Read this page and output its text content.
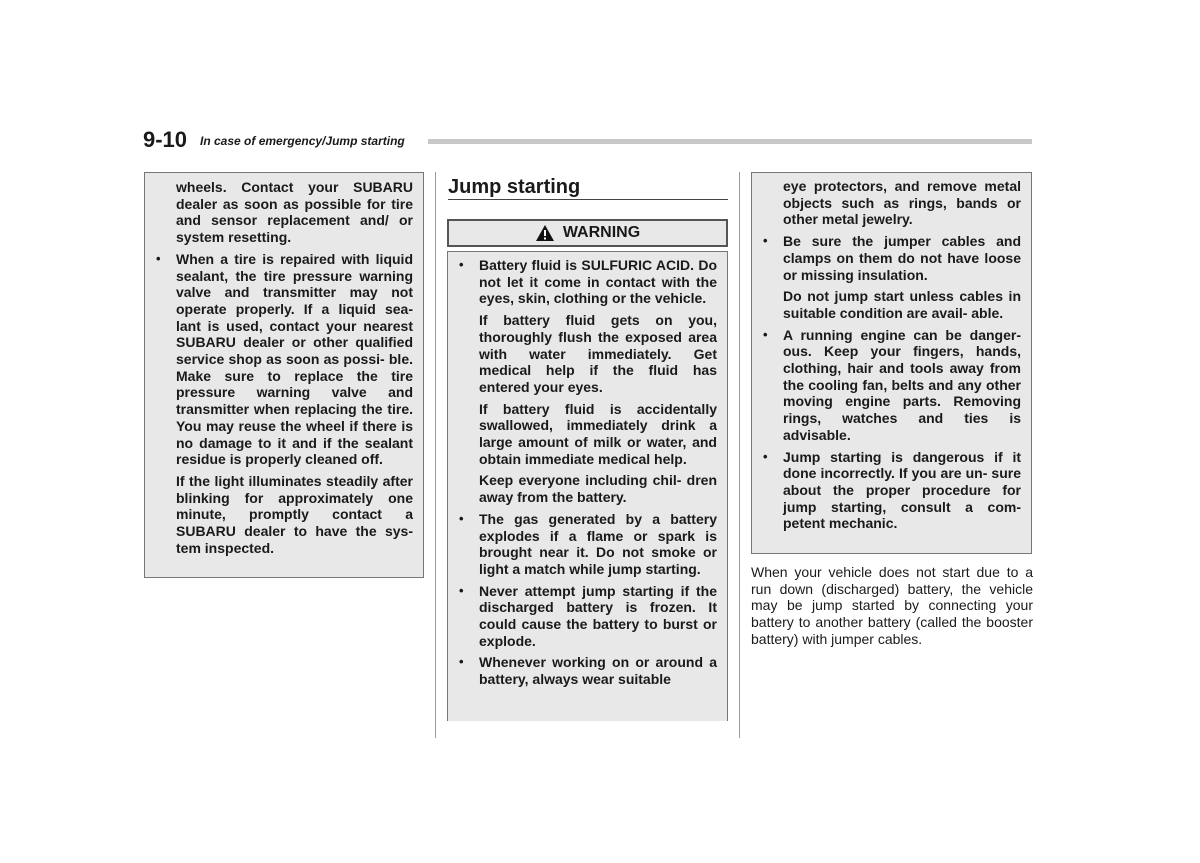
9-10 In case of emergency/Jump starting

wheels. Contact your SUBARU dealer as soon as possible for tire and sensor replacement and/ or system resetting.

• When a tire is repaired with liquid sealant, the tire pressure warning valve and transmitter may not operate properly. If a liquid sea- lant is used, contact your nearest SUBARU dealer or other qualified service shop as soon as possi- ble. Make sure to replace the tire pressure warning valve and transmitter when replacing the tire. You may reuse the wheel if there is no damage to it and if the sealant residue is properly cleaned off.

If the light illuminates steadily after blinking for approximately one minute, promptly contact a SUBARU dealer to have the sys- tem inspected.

Jump starting
WARNING
• Battery fluid is SULFURIC ACID. Do not let it come in contact with the eyes, skin, clothing or the vehicle.

If battery fluid gets on you, thoroughly flush the exposed area with water immediately. Get medical help if the fluid has entered your eyes.

If battery fluid is accidentally swallowed, immediately drink a large amount of milk or water, and obtain immediate medical help.

Keep everyone including chil- dren away from the battery.

• The gas generated by a battery explodes if a flame or spark is brought near it. Do not smoke or light a match while jump starting.
• Never attempt jump starting if the discharged battery is frozen. It could cause the battery to burst or explode.
• Whenever working on or around a battery, always wear suitable

eye protectors, and remove metal objects such as rings, bands or other metal jewelry.

• Be sure the jumper cables and clamps on them do not have loose or missing insulation.

Do not jump start unless cables in suitable condition are avail- able.

• A running engine can be danger- ous. Keep your fingers, hands, clothing, hair and tools away from the cooling fan, belts and any other moving engine parts. Removing rings, watches and ties is advisable.
• Jump starting is dangerous if it done incorrectly. If you are un- sure about the proper procedure for jump starting, consult a com- petent mechanic.

When your vehicle does not start due to a run down (discharged) battery, the vehicle may be jump started by connecting your battery to another battery (called the booster battery) with jumper cables.
